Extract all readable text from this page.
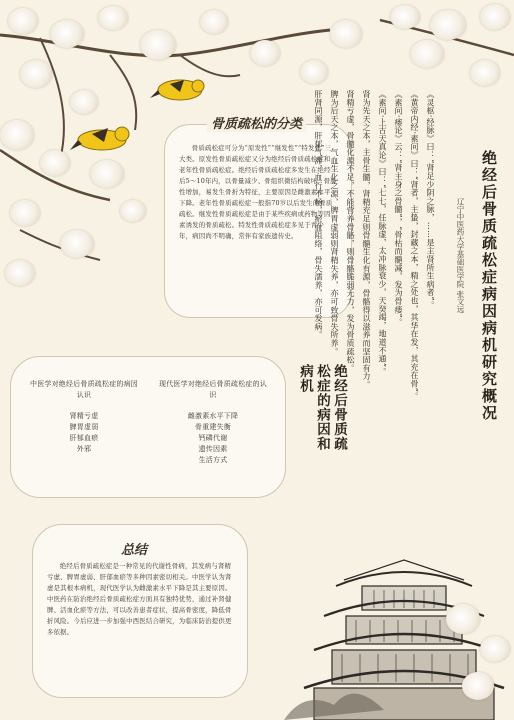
骨质疏松的分类
骨质疏松症可分为“原发性”“继发性”“特发性”三大类。原发性骨质疏松症又分为绝经后骨质疏松症和老年性骨质疏松症。绝经后骨质疏松症多发生在绝经后5～10年内，以骨量减少、骨组织微结构破坏、骨脆性增加，易发生骨折为特征，主要原因是雌激素水平下降。老年性骨质疏松症一般指70岁以后发生的骨质疏松。继发性骨质疏松症是由于某些疾病或药物等因素诱发的骨质疏松。特发性骨质疏松症多见于青少年，病因尚不明确，常伴有家族遗传史。	绝经后骨质疏松症病因病机研究概况
辽宁中医药大学基础医学院 张文远
《灵枢·经脉》曰：“肾足少阴之脉，……是主肾所生病者”。
《黄帝内经·素问》曰：“肾者，主蛰，封藏之本，精之处也，其华在发，其充在骨”。
《素问·痿论》云：“肾主身之骨髓”，“骨枯而髓减，发为骨痿”。
《素问·上古天真论》曰：“七七，任脉虚，太冲脉衰少，天癸竭，地道不通”。
肾为先天之本，主骨生髓，肾精充足则骨髓生化有源，骨骼得以滋养而坚固有力。
肾精亏虚，骨髓化源不足，不能营养骨骼，则骨骼脆弱无力，发为骨质疏松。
脾为后天之本，气血生化之源，脾胃虚弱则肾精失养，亦可致骨失所养。
肝肾同源，肝郁气滞，血行不畅，瘀血阻络，骨失濡养，亦可发病。
绝经后骨质疏松症的病因和病机
中医学对绝经后骨质疏松症的病因认识
肾精亏虚
脾胃虚弱
肝郁血瘀
外邪
现代医学对绝经后骨质疏松症的认识
雌激素水平下降
骨重建失衡
钙磷代谢
遗传因素
生活方式
总结
绝经后骨质疏松症是一种常见的代谢性骨病，其发病与肾精亏虚、脾胃虚弱、肝郁血瘀等多种因素密切相关。中医学认为肾虚是其根本病机，现代医学认为雌激素水平下降是其主要原因。中医药在防治绝经后骨质疏松症方面具有独特优势，通过补肾健脾、活血化瘀等方法，可以改善患者症状，提高骨密度，降低骨折风险。今后应进一步加强中西医结合研究，为临床防治提供更多依据。
